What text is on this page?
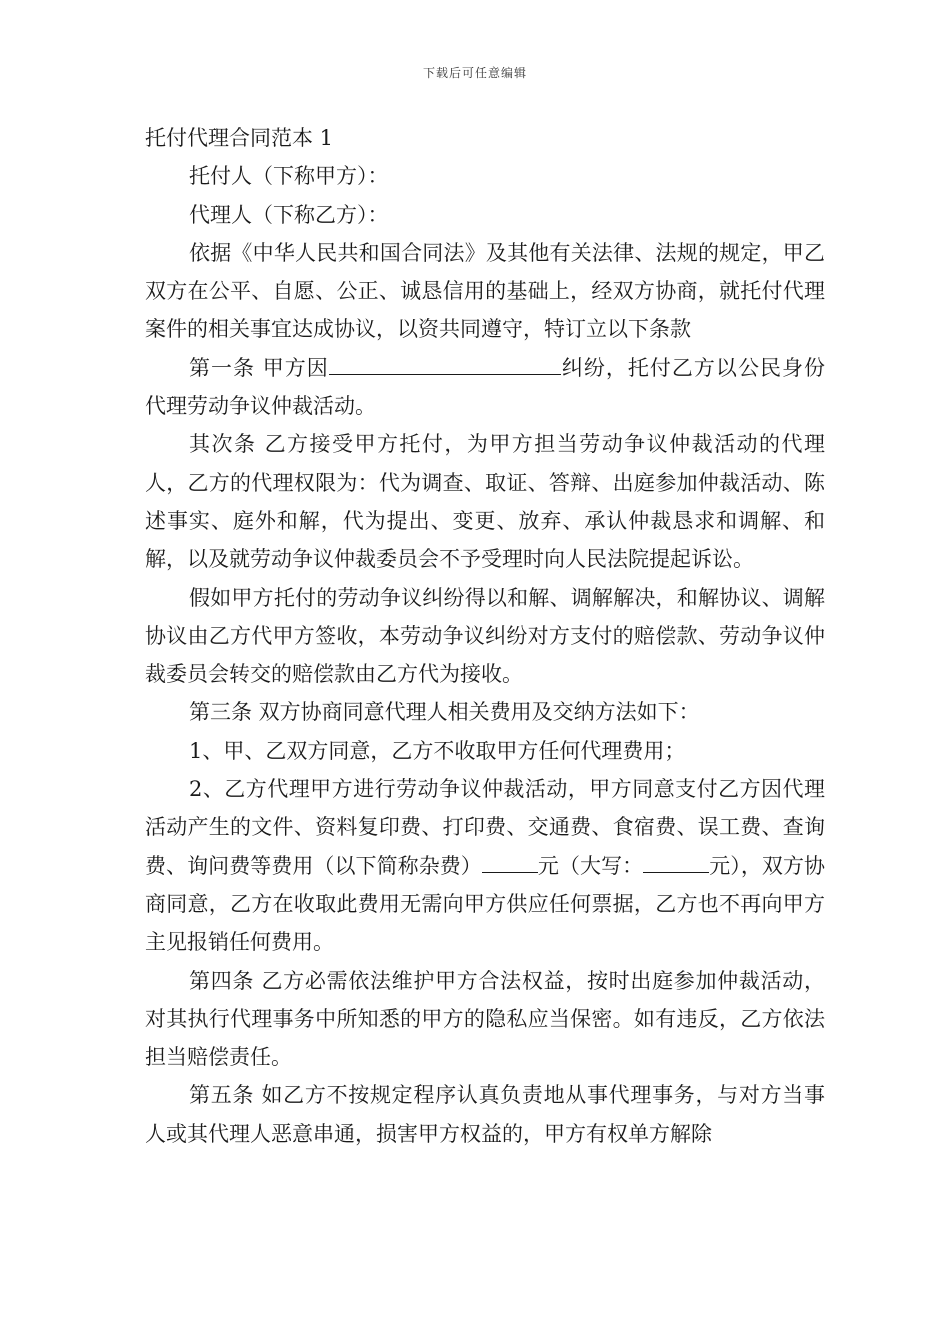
下载后可任意编辑

托付代理合同范本 1

托付人（下称甲方）：

代理人（下称乙方）：

依据《中华人民共和国合同法》及其他有关法律、法规的规定，甲乙双方在公平、自愿、公正、诚恳信用的基础上，经双方协商，就托付代理案件的相关事宜达成协议，以资共同遵守，特订立以下条款

第一条 甲方因	纠纷，托付乙方以公民身份代理劳动争议仲裁活动。

其次条 乙方接受甲方托付，为甲方担当劳动争议仲裁活动的代理人，乙方的代理权限为：代为调查、取证、答辩、出庭参加仲裁活动、陈述事实、庭外和解，代为提出、变更、放弃、承认仲裁恳求和调解、和解，以及就劳动争议仲裁委员会不予受理时向人民法院提起诉讼。

假如甲方托付的劳动争议纠纷得以和解、调解解决，和解协议、调解协议由乙方代甲方签收，本劳动争议纠纷对方支付的赔偿款、劳动争议仲裁委员会转交的赔偿款由乙方代为接收。

第三条 双方协商同意代理人相关费用及交纳方法如下：

1、甲、乙双方同意，乙方不收取甲方任何代理费用；

2、乙方代理甲方进行劳动争议仲裁活动，甲方同意支付乙方因代理活动产生的文件、资料复印费、打印费、交通费、食宿费、误工费、查询费、询问费等费用（以下简称杂费）	元（大写：	元），双方协商同意，乙方在收取此费用无需向甲方供应任何票据，乙方也不再向甲方主见报销任何费用。

第四条 乙方必需依法维护甲方合法权益，按时出庭参加仲裁活动，对其执行代理事务中所知悉的甲方的隐私应当保密。如有违反，乙方依法担当赔偿责任。

第五条 如乙方不按规定程序认真负责地从事代理事务，与对方当事人或其代理人恶意串通，损害甲方权益的，甲方有权单方解除
